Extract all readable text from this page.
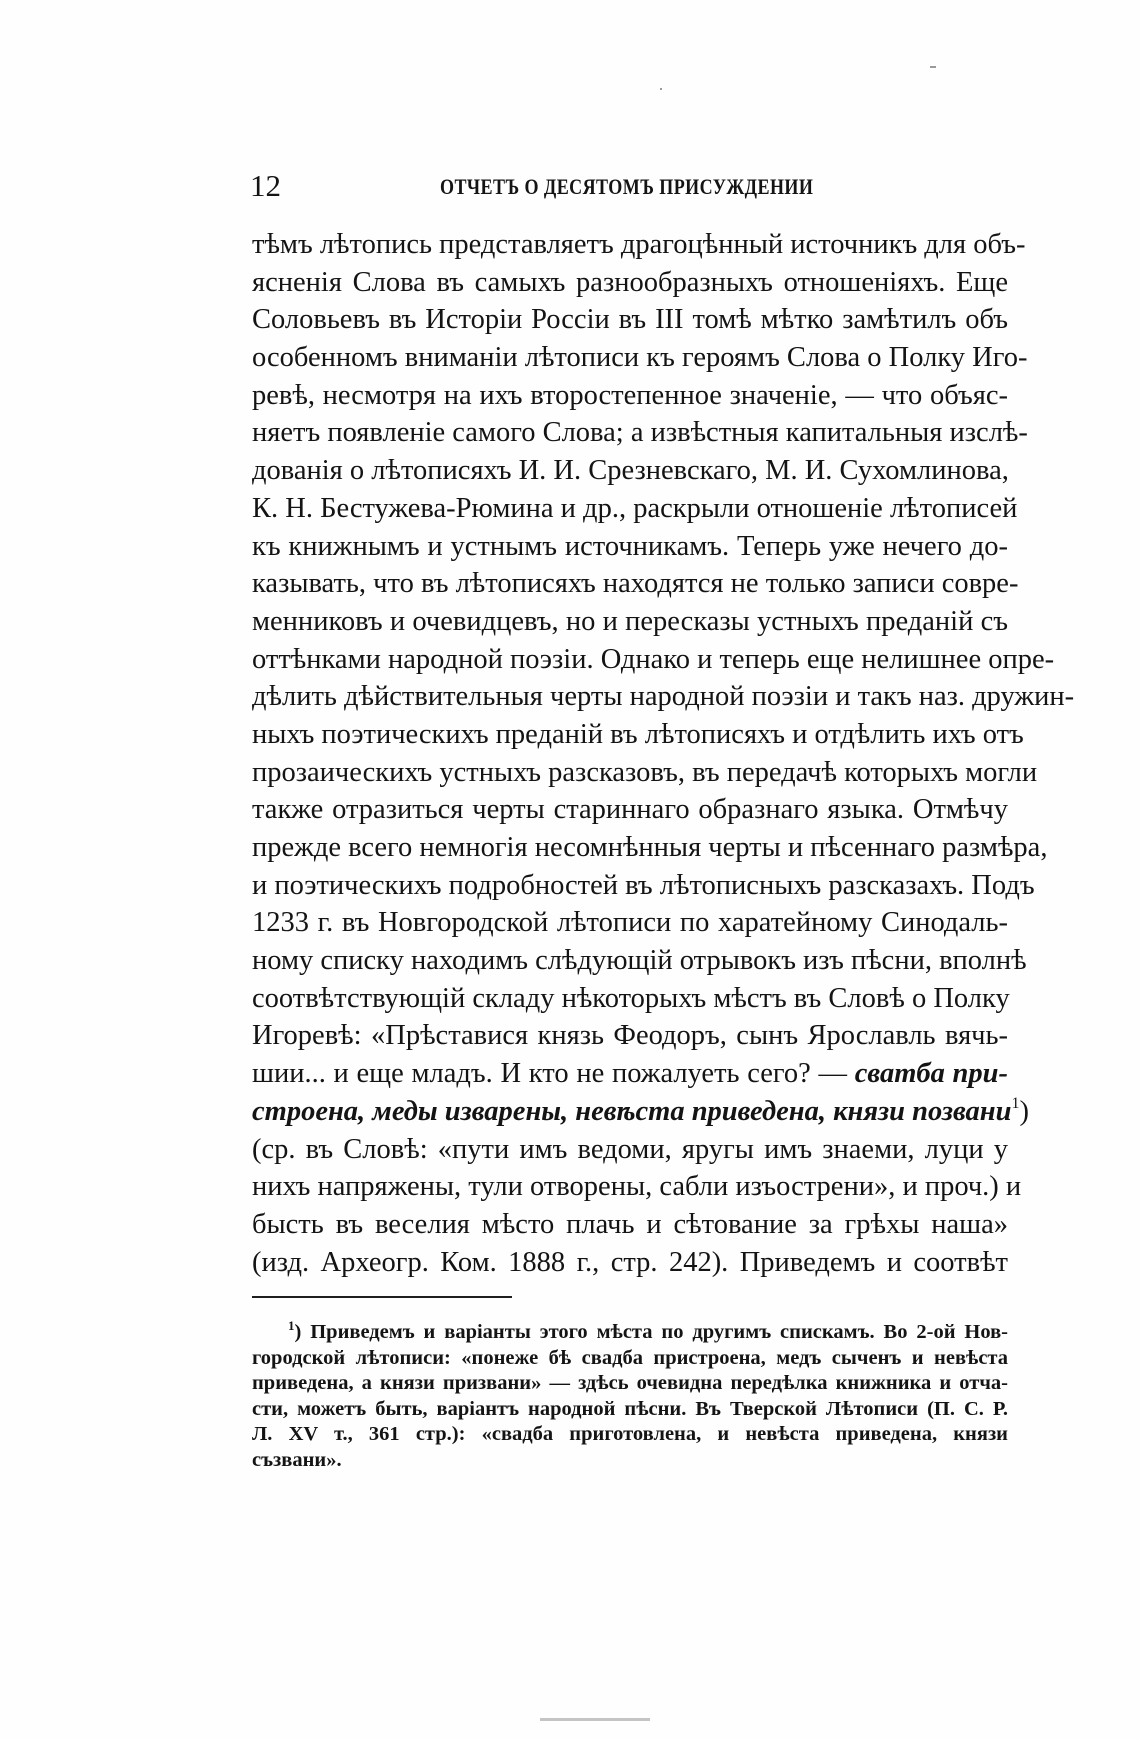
12	ОТЧЕТЪ О ДЕСЯТОМЪ ПРИСУЖДЕНИИ
тѣмъ лѣтопись представляетъ драгоцѣнный источникъ для объ-
ясненія Слова въ самыхъ разнообразныхъ отношеніяхъ. Еще
Соловьевъ въ Исторіи Россіи въ III томѣ мѣтко замѣтилъ объ
особенномъ вниманіи лѣтописи къ героямъ Слова о Полку Иго-
ревѣ, несмотря на ихъ второстепенное значеніе, — что объяс-
няетъ появленіе самого Слова; а извѣстныя капитальныя изслѣ-
дованія о лѣтописяхъ И. И. Срезневскаго, М. И. Сухомлинова,
К. Н. Бестужева-Рюмина и др., раскрыли отношеніе лѣтописей
къ книжнымъ и устнымъ источникамъ. Теперь уже нечего до-
казывать, что въ лѣтописяхъ находятся не только записи совре-
менниковъ и очевидцевъ, но и пересказы устныхъ преданій съ
оттѣнками народной поэзіи. Однако и теперь еще нелишнее опре-
дѣлить дѣйствительныя черты народной поэзіи и такъ наз. дружин-
ныхъ поэтическихъ преданій въ лѣтописяхъ и отдѣлить ихъ отъ
прозаическихъ устныхъ разсказовъ, въ передачѣ которыхъ могли
также отразиться черты стариннаго образнаго языка. Отмѣчу
прежде всего немногія несомнѣнныя черты и пѣсеннаго размѣра,
и поэтическихъ подробностей въ лѣтописныхъ разсказахъ. Подъ
1233 г. въ Новгородской лѣтописи по харатейному Синодаль-
ному списку находимъ слѣдующій отрывокъ изъ пѣсни, вполнѣ
соотвѣтствующій складу нѣкоторыхъ мѣстъ въ Словѣ о Полку
Игоревѣ: «Прѣставися князь Феодоръ, сынъ Ярославль вячь-
шии... и еще младъ. И кто не пожалуеть сего? — сватба при-
строена, меды изварены, невѣста приведена, князи позвани$^1$)
(ср. въ Словѣ: «пути имъ ведоми, яругы имъ знаеми, луци у
нихъ напряжены, тули отворены, сабли изъострени», и проч.) и
бысть въ веселия мѣсто плачь и сѣтование за грѣхы наша»
(изд. Археогр. Ком. 1888 г., стр. 242). Приведемъ и соотвѣт
$^1$) Приведемъ и варіанты этого мѣста по другимъ спискамъ. Во 2-ой Нов-
городской лѣтописи: «понеже бѣ свадба пристроена, медъ сыченъ и невѣста
приведена, а князи призвани» — здѣсь очевидна передѣлка книжника и отча-
сти, можетъ быть, варіантъ народной пѣсни. Въ Тверской Лѣтописи (П. С. Р.
Л. XV т., 361 стр.): «свадба приготовлена, и невѣста приведена, князи
съзвани».
